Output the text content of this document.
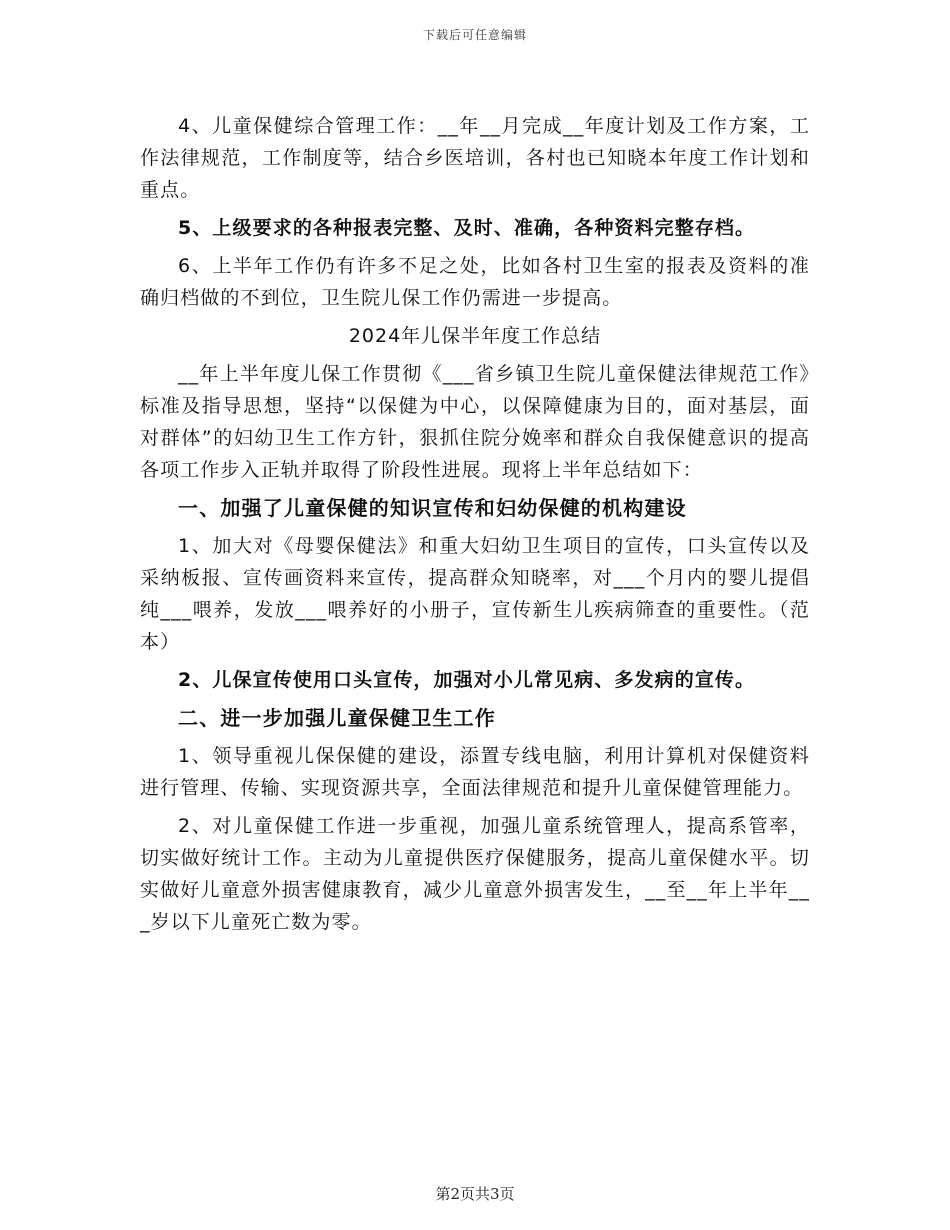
下载后可任意编辑

4、儿童保健综合管理工作：__年__月完成__年度计划及工作方案，工作法律规范，工作制度等，结合乡医培训，各村也已知晓本年度工作计划和重点。

5、上级要求的各种报表完整、及时、准确，各种资料完整存档。

6、上半年工作仍有许多不足之处，比如各村卫生室的报表及资料的准确归档做的不到位，卫生院儿保工作仍需进一步提高。

2024年儿保半年度工作总结

__年上半年度儿保工作贯彻《___省乡镇卫生院儿童保健法律规范工作》标准及指导思想，坚持“以保健为中心，以保障健康为目的，面对基层，面对群体”的妇幼卫生工作方针，狠抓住院分娩率和群众自我保健意识的提高各项工作步入正轨并取得了阶段性进展。现将上半年总结如下：

一、加强了儿童保健的知识宣传和妇幼保健的机构建设

1、加大对《母婴保健法》和重大妇幼卫生项目的宣传，口头宣传以及采纳板报、宣传画资料来宣传，提高群众知晓率，对___个月内的婴儿提倡纯___喂养，发放___喂养好的小册子，宣传新生儿疾病筛查的重要性。（范本）

2、儿保宣传使用口头宣传，加强对小儿常见病、多发病的宣传。

二、进一步加强儿童保健卫生工作

1、领导重视儿保保健的建设，添置专线电脑，利用计算机对保健资料进行管理、传输、实现资源共享，全面法律规范和提升儿童保健管理能力。

2、对儿童保健工作进一步重视，加强儿童系统管理人，提高系管率，切实做好统计工作。主动为儿童提供医疗保健服务，提高儿童保健水平。切实做好儿童意外损害健康教育，减少儿童意外损害发生，__至__年上半年___岁以下儿童死亡数为零。

第2页共3页
